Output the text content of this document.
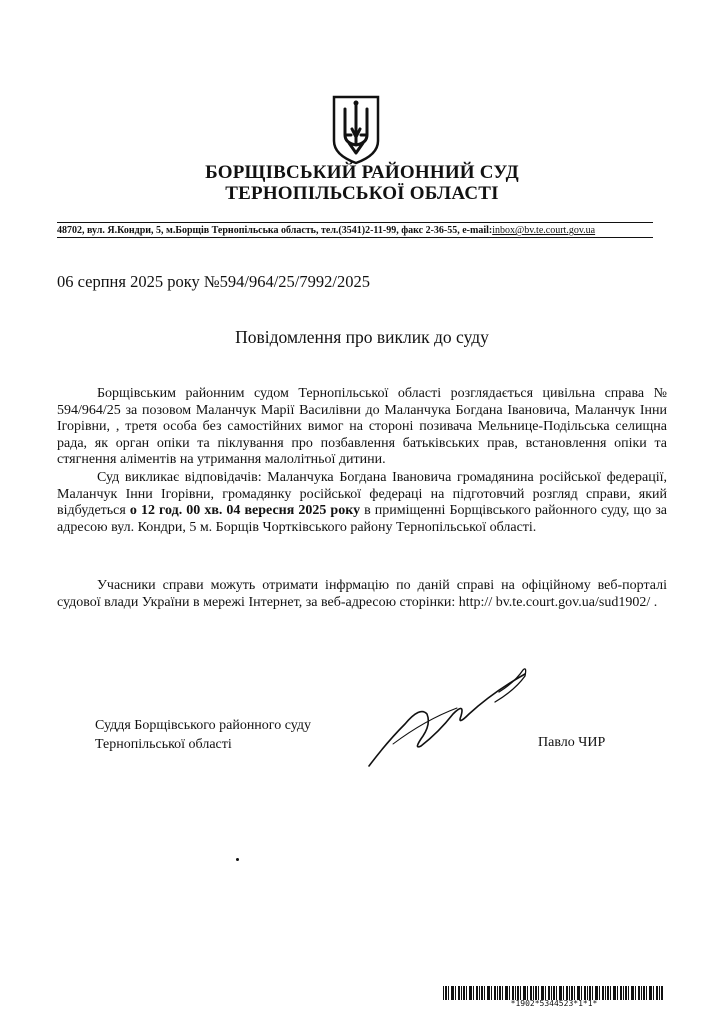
БОРЩІВСЬКИЙ РАЙОННИЙ СУД
ТЕРНОПІЛЬСЬКОЇ ОБЛАСТІ
48702, вул. Я.Кондри, 5, м.Борщів Тернопільська область, тел.(3541)2-11-99, факс 2-36-55, e-mail:inbox@bv.te.court.gov.ua
06 серпня 2025 року №594/964/25/7992/2025
Повідомлення про виклик до суду

Борщівським районним судом Тернопільської області розглядається цивільна справа № 594/964/25 за позовом Маланчук Марії Василівни до Маланчука Богдана Івановича, Маланчук Інни Ігорівни, , третя особа без самостійних вимог на стороні позивача Мельнице-Подільська селищна рада, як орган опіки та піклування про позбавлення батьківських прав, встановлення опіки та стягнення аліментів на утримання малолітньої дитини.

Суд викликає відповідачів: Маланчука Богдана Івановича громадянина російської федерації, Маланчук Інни Ігорівни, громадянку російської федераці на підготовчий розгляд справи, який відбудеться о 12 год. 00 хв. 04 вересня 2025 року в приміщенні Борщівського районного суду, що за адресою вул. Кондри, 5 м. Борщів Чортківського району Тернопільської області.

Учасники справи можуть отримати інфрмацію по даній справі на офіційному веб-порталі судової влади України в мережі Інтернет, за веб-адресою сторінки: http:// bv.te.court.gov.ua/sud1902/ .

Суддя Борщівського районного суду
Тернопільської області	Павло ЧИР
*1902*5344523*1*1*
